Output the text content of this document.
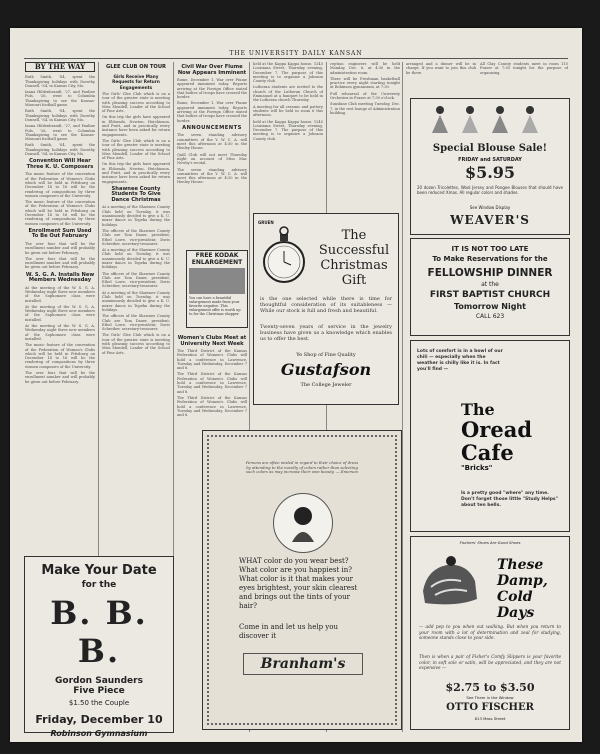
THE UNIVERSITY DAILY KANSAN
BY THE WAY

Ruth Smith, 'S4, spent the Thanksgiving holidays with Dorothy Donnell, 'S4, in Kansas City, Mo.

Ianna Hildenbrandt, '27, and Pauline Puls, '26, went to Columbia Thanksgiving to see the Kansas-Missouri football game.

Ruth Smith, 'S4, spent the Thanksgiving holidays with Dorothy Donnell, 'S4, in Kansas City, Mo.

Ianna Hildenbrandt, '27, and Pauline Puls, '26, went to Columbia Thanksgiving to see the Kansas-Missouri football game.

Ruth Smith, 'S4, spent the Thanksgiving holidays with Dorothy Donnell, 'S4, in Kansas City, Mo.

Convention Will Hear Three K. U. Composers

The music feature of the convention of the Federation of Women's Clubs which will be held in Pittsburg on December 14 to 16 will be the rendering of compositions by three women composers of the University.

The music feature of the convention of the Federation of Women's Clubs which will be held in Pittsburg on December 14 to 16 will be the rendering of compositions by three women composers of the University.

Enrollment Sum Used To Be Out February

The over four that will be the enrollment number and will probably be given out before February.

The over four that will be the enrollment number and will probably be given out before February.

W. S. G. A. Installs New Members Wednesday

At the meeting of the W. S. G. A. Wednesday night three new members of the Sophomore class were installed.

At the meeting of the W. S. G. A. Wednesday night three new members of the Sophomore class were installed.

At the meeting of the W. S. G. A. Wednesday night three new members of the Sophomore class were installed.

The music feature of the convention of the Federation of Women's Clubs which will be held in Pittsburg on December 14 to 16 will be the rendering of compositions by three women composers of the University.

The over four that will be the enrollment number and will probably be given out before February.

Make Your Date
for the
B. B. B.
Gordon Saunders
Five Piece
$1.50 the Couple
Friday, December 10
Robinson Gymnasium
GLEE CLUB ON TOUR
Girls Receive Many Requests for Return Engagements

The Girls' Glee Club which is on a tour of the greater state is meeting with pleasing success according to Miss Mendell, Leader of the School of Fine Arts.

On this trip the girls have appeared in Eldorado, Newton, Hutchinson, and Pratt, and in practically every instance have been asked for return engagements.

The Girls' Glee Club which is on a tour of the greater state is meeting with pleasing success according to Miss Mendell, Leader of the School of Fine Arts.

On this trip the girls have appeared in Eldorado, Newton, Hutchinson, and Pratt, and in practically every instance have been asked for return engagements.

Shawnee County Students To Give Dance Christmas

At a meeting of the Shawnee County Club held on Tuesday, it was unanimously decided to give a K. U. mixer dance in Topeka during the holidays.

The officers of the Shawnee County Club are Tom Dauer, president; Ethel Lowe, vice-president; Doris Schreiber, secretary-treasurer.

At a meeting of the Shawnee County Club held on Tuesday, it was unanimously decided to give a K. U. mixer dance in Topeka during the holidays.

The officers of the Shawnee County Club are Tom Dauer, president; Ethel Lowe, vice-president; Doris Schreiber, secretary-treasurer.

At a meeting of the Shawnee County Club held on Tuesday, it was unanimously decided to give a K. U. mixer dance in Topeka during the holidays.

The officers of the Shawnee County Club are Tom Dauer, president; Ethel Lowe, vice-president; Doris Schreiber, secretary-treasurer.

The Girls' Glee Club which is on a tour of the greater state is meeting with pleasing success according to Miss Mendell, Leader of the School of Fine Arts.

Civil War Over Flume Now Appears Imminent

Rome, December 1. War over Fiume appeared imminent today. Reports arriving at the Foreign Office stated that bodies of troops have crossed the border.

Rome, December 1. War over Fiume appeared imminent today. Reports arriving at the Foreign Office stated that bodies of troops have crossed the border.

ANNOUNCEMENTS

The seven standing advisory committees of the Y. W. C. A. will meet this afternoon at 4:30 in the Henley House.

Quill Club will not meet Thursday night on account of Miss Mac Newby's recital.

The seven standing advisory committees of the Y. W. C. A. will meet this afternoon at 4:30 in the Henley House.

FREE KODAK ENLARGEMENT
You can have a beautiful enlargement made from your favorite negative. This enlargement offer is worth up to for the Christmas shopper.
Women's Clubs Meet at University Next Week

The Third District of the Kansas Federation of Women's Clubs will hold a conference in Lawrence, Tuesday and Wednesday, December 7 and 8.

The Third District of the Kansas Federation of Women's Clubs will hold a conference in Lawrence, Tuesday and Wednesday, December 7 and 8.

The Third District of the Kansas Federation of Women's Clubs will hold a conference in Lawrence, Tuesday and Wednesday, December 7 and 8.

held at the Kappa Kappa house, 1245 Louisiana Street, Thursday evening, December 7. The purpose of this meeting is to organize a Johnson County club.

Lutheran students are invited to the church of the Lutheran Church of Emmanuel at a banquet to be held in the Lutheran church Thursday.

A meeting for all ceramic and pottery students will be held in room 6 this afternoon.

held at the Kappa Kappa house, 1245 Louisiana Street, Thursday evening, December 7. The purpose of this meeting is to organize a Johnson County club.

ception engineers will be held Monday, Dec. 6, at 4:30 in the administration room.

There will be Freshman basketball practice every night starting tonight at Robinson gymnasium, at 7:30.

Full rehearsal of the University Orchestra in Fraser at 7:30 o'clock.

Sunshine Club meeting Tuesday, Dec. 7, in the rest lounge of Administration building.

arranged and a dinner will be in charge. If you want to join this club be there.

All Clay County students meet in room 115 Fraser at 7:30 tonight for the purpose of organizing.

GRUEN
The
Successful
Christmas
Gift
is the one selected while there is time for thoughtful consideration of its suitableness — While our stock is full and fresh and beautiful.
Twenty-seven years of service in the jewelry business have given us a knowledge which enables us to offer the best.
Ye Shop of Fine Quality
Gustafson
The College Jeweler
Persons are often misled in regard to their choice of dress by attending to the novelty of colors rather than selecting such colors as may increase their own beauty. — Emerson
WHAT color do you wear best? What color are you happiest in? What color is it that makes your eyes brightest, your skin clearest and brings out the tints of your hair?
Come in and let us help you discover it
Branham's
Special Blouse Sale!
FRIDAY and SATURDAY
$5.95
20 dozen Tricolettes, Wool Jersey and Pongee Blouses that should have been reduced Xmas. All regular colors and shades.
See Window Display
WEAVER'S
IT IS NOT TOO LATE
To Make Reservations for the
FELLOWSHIP DINNER
at the
FIRST BAPTIST CHURCH
Tomorrow Night
CALL 623
Lots of comfort is in a bowl of our chili — especially when the weather is chilly like it is. In fact you'll find —
The
Oread
Cafe
"Bricks"
Is a pretty good "where" any time. Don't forget those little "Study Helps" about ten bells.
Fischers' Shoes Are Good Shoes
These
Damp,
Cold
Days
— add pep to you when out walking. But when you return to your room with a lot of determination and zeal for studying, someone stands close to your side.
Then is when a pair of Fisher's Comfy Slippers is your favorite color, in soft sole or satin, will be appreciated, and they are not expensive —
$2.75 to $3.50
See Them in the Window
OTTO FISCHER
813 Mass Street
